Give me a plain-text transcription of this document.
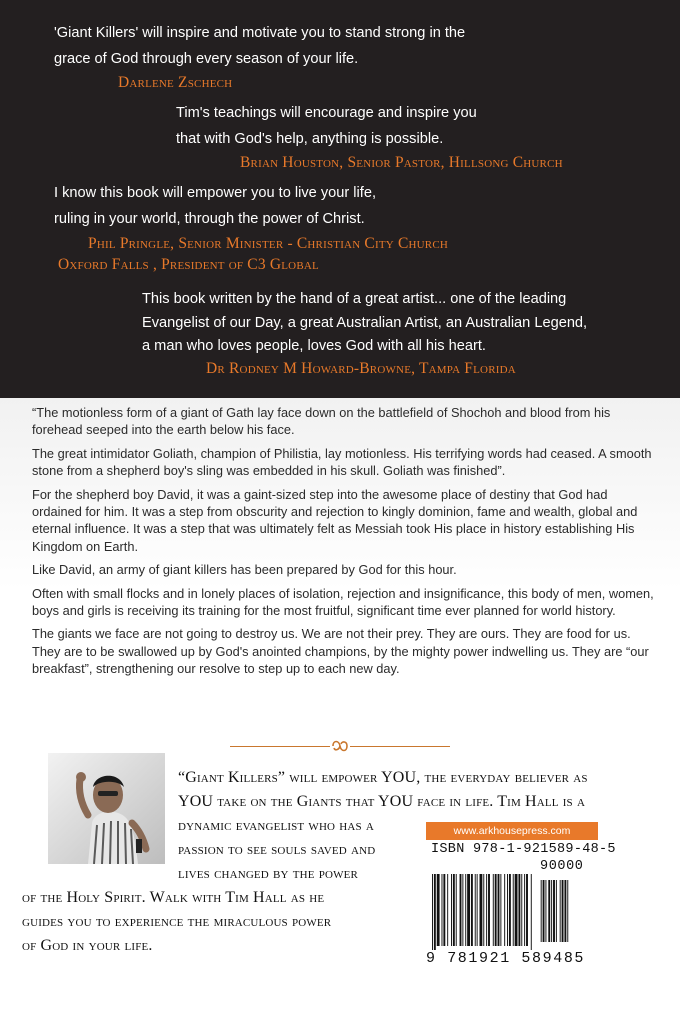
'Giant Killers' will inspire and motivate you to stand strong in the

grace of God through every season of your life.

Darlene Zschech

Tim's teachings will encourage and inspire you

that with God's help, anything is possible.

Brian Houston, Senior Pastor, Hillsong Church

I know this book will empower you to live your life,

ruling in your world, through the power of Christ.

Phil Pringle, Senior Minister - Christian City Church

Oxford Falls , President of C3 Global

This book written by the hand of a great artist... one of the leading

Evangelist of our Day, a great Australian Artist, an Australian Legend,

a man who loves people, loves God with all his heart.

Dr Rodney M Howard-Browne, Tampa Florida

“The motionless form of a giant of Gath lay face down on the battlefield of Shochoh and blood from his forehead seeped into the earth below his face.

The great intimidator Goliath, champion of Philistia, lay motionless. His terrifying words had ceased. A smooth stone from a shepherd boy's sling was embedded in his skull. Goliath was finished”.

For the shepherd boy David, it was a gaint-sized step into the awesome place of destiny that God had ordained for him. It was a step from obscurity and rejection to kingly dominion, fame and wealth, global and eternal influence. It was a step that was ultimately felt as Messiah took His place in history establishing His Kingdom on Earth.

Like David, an army of giant killers has been prepared by God for this hour.

Often with small flocks and in lonely places of isolation, rejection and insignificance, this body of men, women, boys and girls is receiving its training for the most fruitful, significant time ever planned for world history.

The giants we face are not going to destroy us. We are not their prey. They are ours. They are food for us. They are to be swallowed up by God's anointed champions, by the mighty power indwelling us. They are “our breakfast”, strengthening our resolve to step up to each new day.

“Giant Killers” will empower YOU, the everyday believer as

YOU take on the Giants that YOU face in life. Tim Hall is a

dynamic evangelist who has a

passion to see souls saved and

lives changed by the power

of the Holy Spirit. Walk with Tim Hall as he

guides you to experience the miraculous power

of God in your life.

www.arkhousepress.com
ISBN 978-1-921589-48-5
90000
9 781921 589485
